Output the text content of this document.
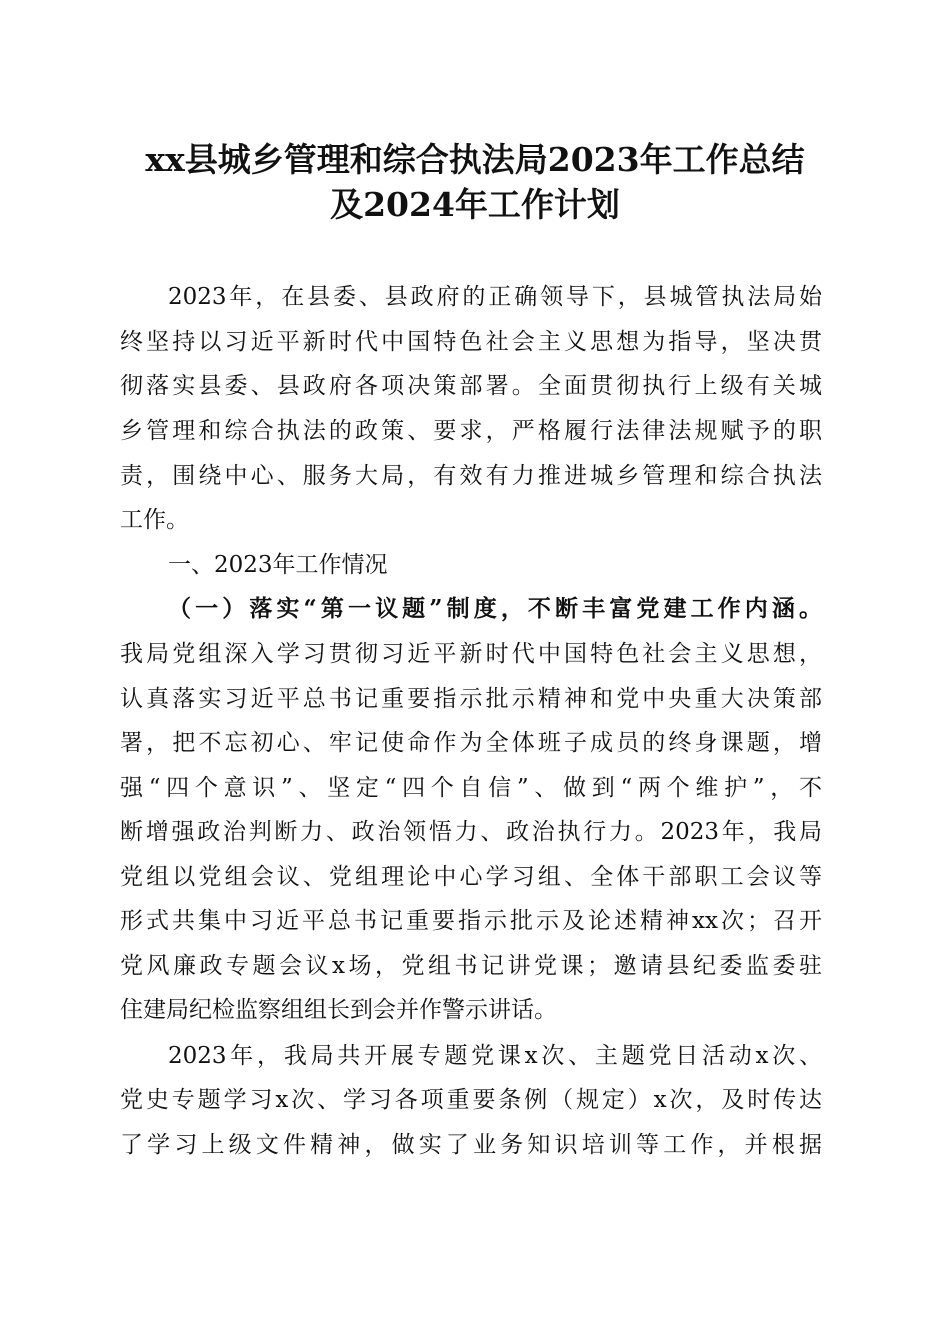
xx县城乡管理和综合执法局2023年工作总结
及2024年工作计划
2023年，在县委、县政府的正确领导下，县城管执法局始
终坚持以习近平新时代中国特色社会主义思想为指导，坚决贯
彻落实县委、县政府各项决策部署。全面贯彻执行上级有关城
乡管理和综合执法的政策、要求，严格履行法律法规赋予的职
责，围绕中心、服务大局，有效有力推进城乡管理和综合执法
工作。
一、2023年工作情况
（一）落实“第一议题”制度，不断丰富党建工作内涵。
我局党组深入学习贯彻习近平新时代中国特色社会主义思想，
认真落实习近平总书记重要指示批示精神和党中央重大决策部
署，把不忘初心、牢记使命作为全体班子成员的终身课题，增
强“四个意识”、坚定“四个自信”、做到“两个维护”，不
断增强政治判断力、政治领悟力、政治执行力。2023年，我局
党组以党组会议、党组理论中心学习组、全体干部职工会议等
形式共集中习近平总书记重要指示批示及论述精神xx次；召开
党风廉政专题会议x场，党组书记讲党课；邀请县纪委监委驻
住建局纪检监察组组长到会并作警示讲话。
2023年，我局共开展专题党课x次、主题党日活动x次、
党史专题学习x次、学习各项重要条例（规定）x次，及时传达
了学习上级文件精神，做实了业务知识培训等工作，并根据
